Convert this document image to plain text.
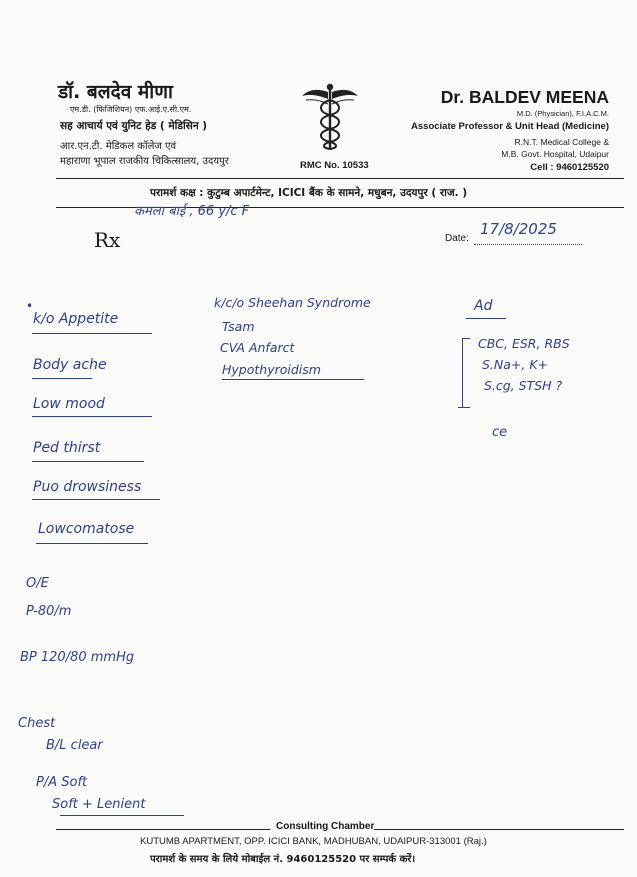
डॉ. बलदेव मीणा
एम.डी. (फिजिशियन) एफ.आई.ए.सी.एम.
सह आचार्य एवं युनिट हेड ( मेडिसिन )
आर.एन.टी. मेडिकल कॉलेज एवं
महाराणा भूपाल राजकीय चिकित्सालय, उदयपुर	RMC No. 10533
Dr. BALDEV MEENA
M.D. (Physician), F.I.A.C.M.
Associate Professor & Unit Head (Medicine)
R.N.T. Medical College &
M.B. Govt. Hospital, Udaipur
Cell : 9460125520
परामर्श कक्ष : कुटुम्ब अपार्टमेन्ट, ICICI बैंक के सामने, मधुबन, उदयपुर ( राज. )
कमला बाई , 66 y/c F
Rx	Date:
17/8/2025
•
k/o Appetite
Body ache
Low mood
Ped thirst
Puo drowsiness
Lowcomatose
k/c/o Sheehan Syndrome
Tsam
CVA Anfarct
Hypothyroidism
Ad
CBC, ESR, RBS
S.Na+, K+
S.cg, STSH ?
ce
O/E
P-80/m
BP 120/80 mmHg
Chest
B/L clear
P/A Soft
Soft + Lenient
Consulting Chamber
KUTUMB APARTMENT, OPP. ICICI BANK, MADHUBAN, UDAIPUR-313001 (Raj.)
परामर्श के समय के लिये मोबाईल नं. 9460125520 पर सम्पर्क करें।
